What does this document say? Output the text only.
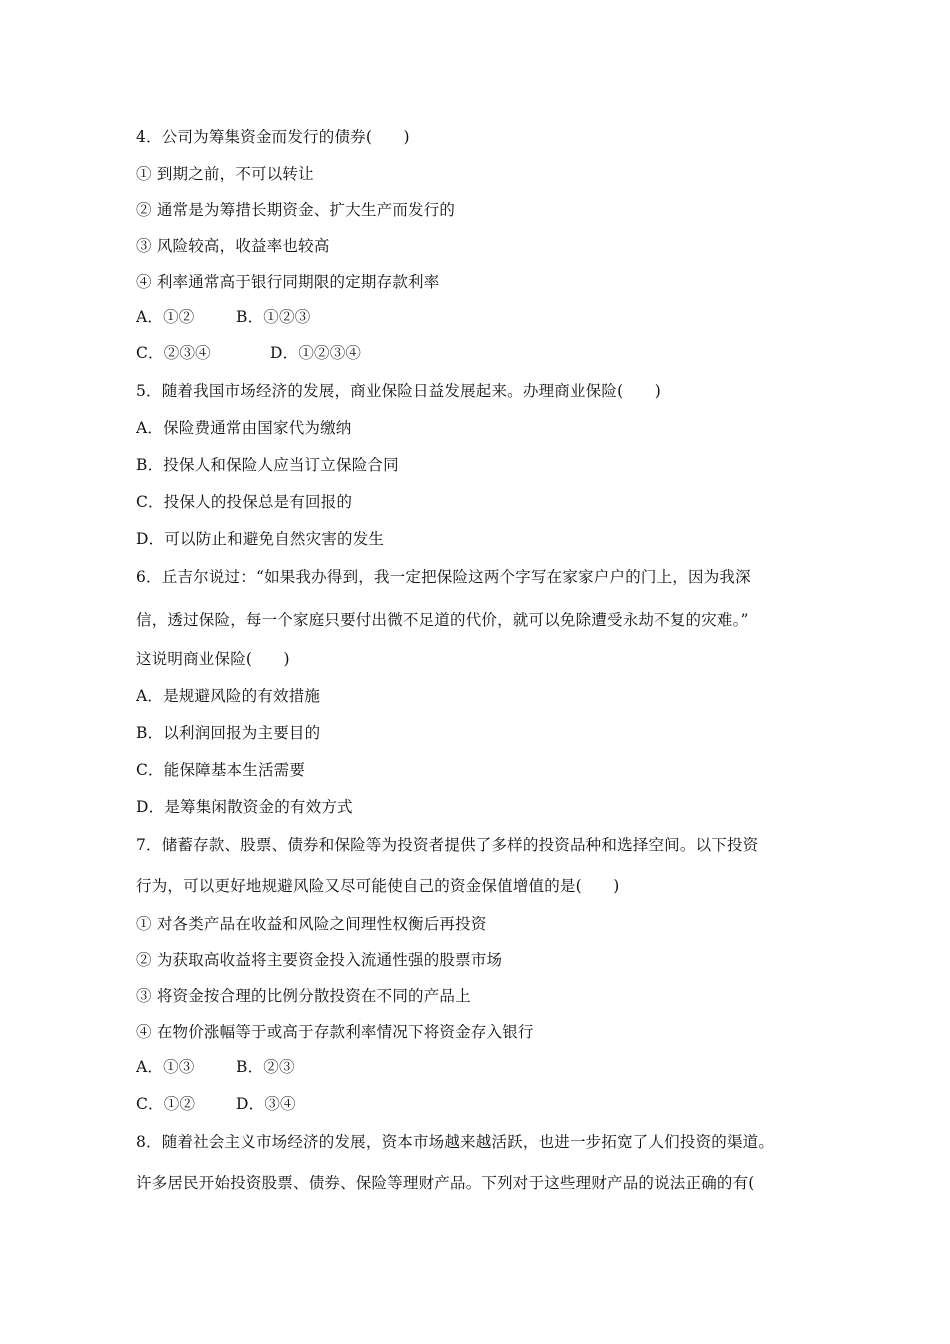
4．公司为筹集资金而发行的债券(　　)
① 到期之前，不可以转让
② 通常是为筹措长期资金、扩大生产而发行的
③ 风险较高，收益率也较高
④ 利率通常高于银行同期限的定期存款利率
A．①②	B．①②③
C．②③④	D．①②③④
5．随着我国市场经济的发展，商业保险日益发展起来。办理商业保险(　　)
A．保险费通常由国家代为缴纳
B．投保人和保险人应当订立保险合同
C．投保人的投保总是有回报的
D．可以防止和避免自然灾害的发生
6．丘吉尔说过：“如果我办得到，我一定把保险这两个字写在家家户户的门上，因为我深
信，透过保险，每一个家庭只要付出微不足道的代价，就可以免除遭受永劫不复的灾难。”
这说明商业保险(　　)
A．是规避风险的有效措施
B．以利润回报为主要目的
C．能保障基本生活需要
D．是筹集闲散资金的有效方式
7．储蓄存款、股票、债券和保险等为投资者提供了多样的投资品种和选择空间。以下投资
行为，可以更好地规避风险又尽可能使自己的资金保值增值的是(　　)
① 对各类产品在收益和风险之间理性权衡后再投资
② 为获取高收益将主要资金投入流通性强的股票市场
③ 将资金按合理的比例分散投资在不同的产品上
④ 在物价涨幅等于或高于存款利率情况下将资金存入银行
A．①③	B．②③
C．①②	D．③④
8．随着社会主义市场经济的发展，资本市场越来越活跃，也进一步拓宽了人们投资的渠道。
许多居民开始投资股票、债券、保险等理财产品。下列对于这些理财产品的说法正确的有(
